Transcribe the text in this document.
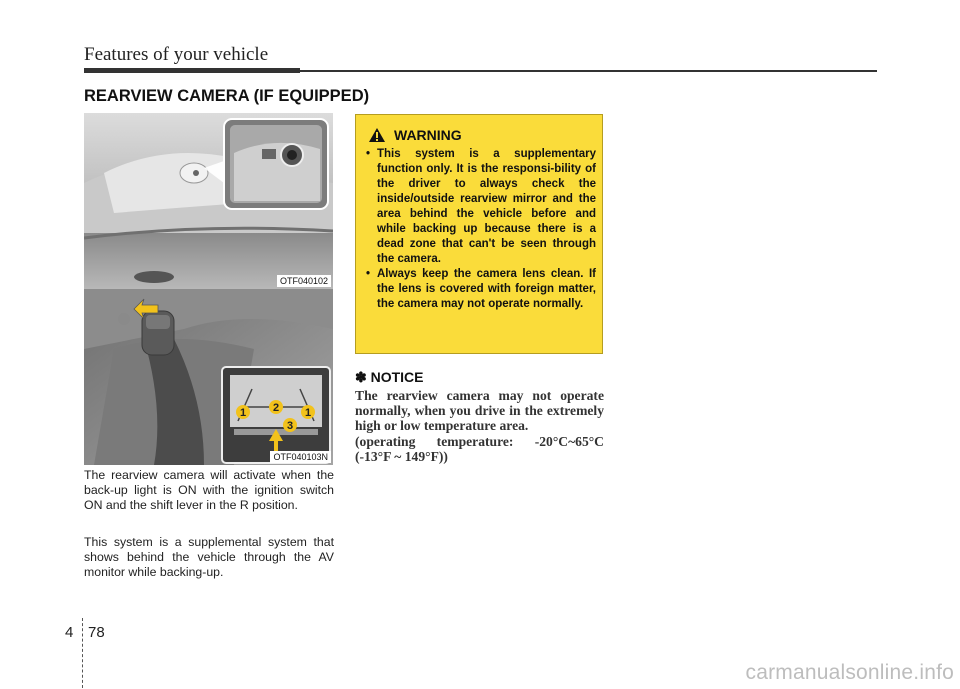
Features of your vehicle
REARVIEW CAMERA (IF EQUIPPED)
OTF040102
1	1
2
3
OTF040103N

The rearview camera will activate when the back-up light is ON with the ignition switch ON and the shift lever in the R position.

This system is a supplemental system that shows behind the vehicle through the AV monitor while backing-up.

WARNING
• This system is a supplementary function only. It is the responsi-bility of the driver to always check the inside/outside rearview mirror and the area behind the vehicle before and while backing up because there is a dead zone that can't be seen through the camera.
• Always keep the camera lens clean. If the lens is covered with foreign matter, the camera may not operate normally.
✽ NOTICE

The rearview camera may not operate normally, when you drive in the extremely high or low temperature area.
(operating temperature: -20°C~65°C (-13°F ~ 149°F))

4 78
carmanualsonline.info
